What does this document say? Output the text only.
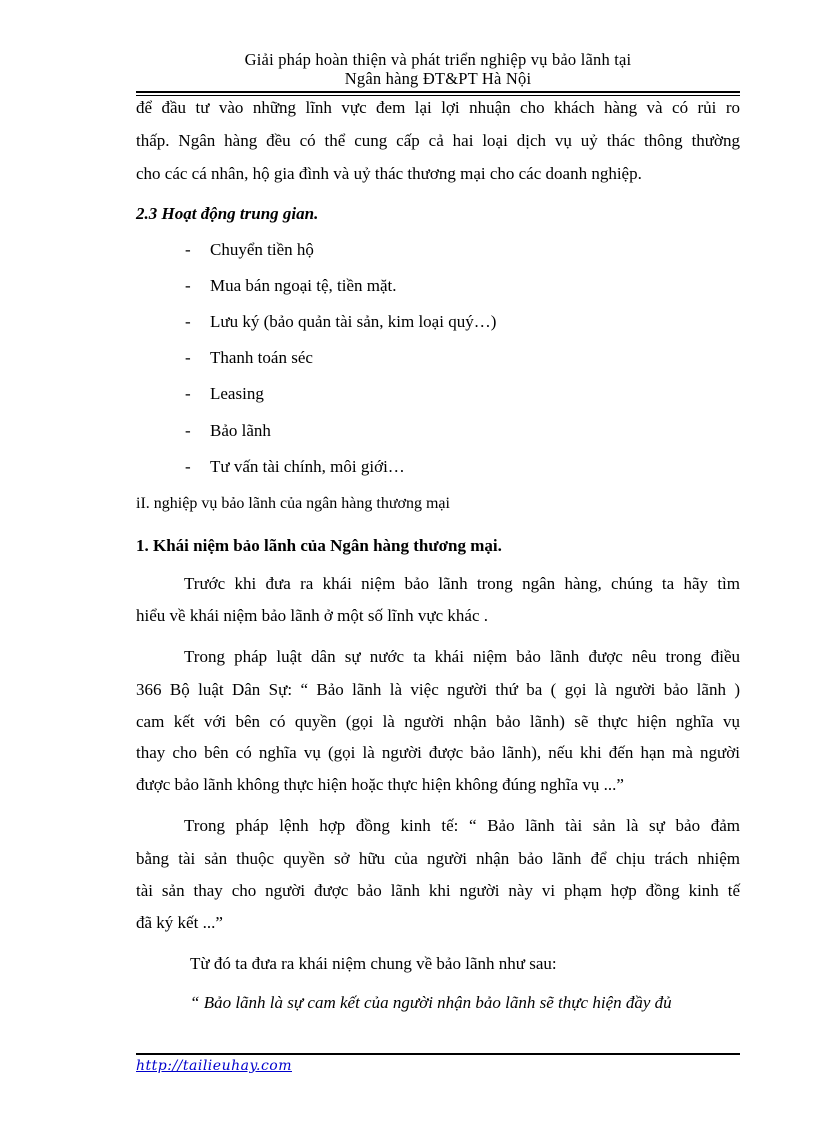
Giải pháp hoàn thiện và phát triển nghiệp vụ bảo lãnh tại
Ngân hàng ĐT&PT Hà Nội
để đầu tư vào những lĩnh vực đem lại lợi nhuận cho khách hàng và có rủi ro
thấp. Ngân hàng đều có thể cung cấp cả hai loại dịch vụ uỷ thác thông thường
cho các cá nhân, hộ gia đình và uỷ thác thương mại cho các doanh nghiệp.
2.3 Hoạt động trung gian.
- Chuyển tiền hộ
- Mua bán ngoại tệ, tiền mặt.
- Lưu ký (bảo quản tài sản, kim loại quý…)
- Thanh toán séc
- Leasing
- Bảo lãnh
- Tư vấn tài chính, môi giới…
iI. nghiệp vụ bảo lãnh của ngân hàng thương mại
1. Khái niệm bảo lãnh của Ngân hàng thương mại.
Trước khi đưa ra khái niệm bảo lãnh trong ngân hàng, chúng ta hãy tìm
hiểu về khái niệm bảo lãnh ở một số lĩnh vực khác .
Trong pháp luật dân sự nước ta khái niệm bảo lãnh được nêu trong điều
366 Bộ luật Dân Sự: “ Bảo lãnh là việc người thứ ba ( gọi là người bảo lãnh )
cam kết với bên có quyền (gọi là người nhận bảo lãnh) sẽ thực hiện nghĩa vụ
thay cho bên có nghĩa vụ (gọi là người được bảo lãnh), nếu khi đến hạn mà người
được bảo lãnh không thực hiện hoặc thực hiện không đúng nghĩa vụ ...”
Trong pháp lệnh hợp đồng kinh tế: “ Bảo lãnh tài sản là sự bảo đảm
bằng tài sản thuộc quyền sở hữu của người nhận bảo lãnh để chịu trách nhiệm
tài sản thay cho người được bảo lãnh khi người này vi phạm hợp đồng kinh tế
đã ký kết ...”
Từ đó ta đưa ra khái niệm chung về bảo lãnh như sau:
“ Bảo lãnh là sự cam kết của người nhận bảo lãnh sẽ thực hiện đầy đủ
http://tailieuhay.com
